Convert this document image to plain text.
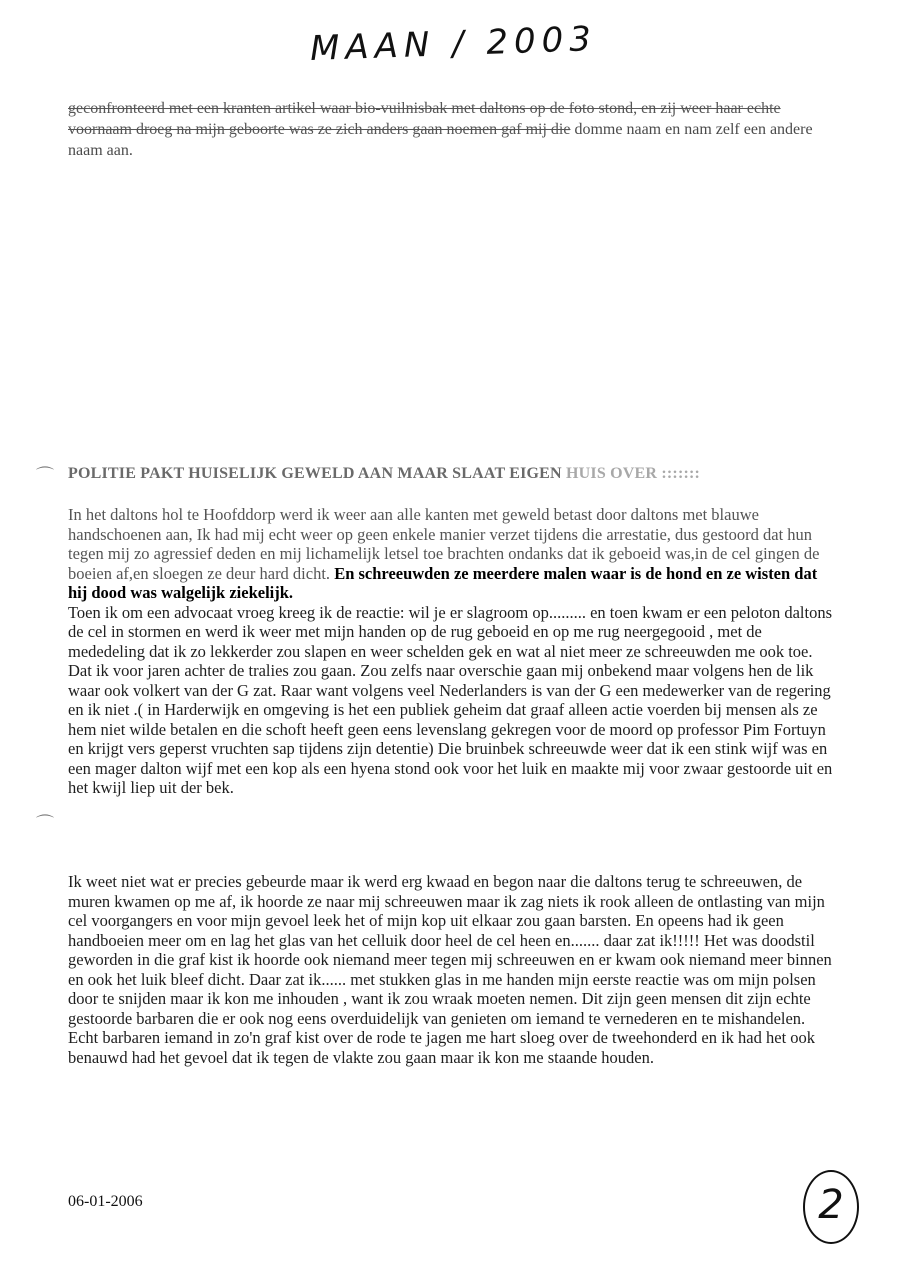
MAAN / 2003
geconfronteerd met een kranten artikel waar bio-vuilnisbak met daltons op de foto stond, en zij weer haar echte voornaam droeg na mijn geboorte was ze zich anders gaan noemen gaf mij die domme naam en nam zelf een andere naam aan.
⌒ POLITIE PAKT HUISELIJK GEWELD AAN MAAR SLAAT EIGEN HUIS OVER :::::::
In het daltons hol te Hoofddorp werd ik weer aan alle kanten met geweld betast door daltons met blauwe handschoenen aan, Ik had mij echt weer op geen enkele manier verzet tijdens die arrestatie, dus gestoord dat hun tegen mij zo agressief deden en mij lichamelijk letsel toe brachten ondanks dat ik geboeid was,in de cel gingen de boeien af,en sloegen ze deur hard dicht. En schreeuwden ze meerdere malen waar is de hond en ze wisten dat hij dood was walgelijk ziekelijk.
Toen ik om een advocaat vroeg kreeg ik de reactie: wil je er slagroom op......... en toen kwam er een peloton daltons de cel in stormen en werd ik weer met mijn handen op de rug geboeid en op me rug neergegooid , met de mededeling dat ik zo lekkerder zou slapen en weer schelden gek en wat al niet meer ze schreeuwden me ook toe. Dat ik voor jaren achter de tralies zou gaan. Zou zelfs naar overschie gaan mij onbekend maar volgens hen de lik waar ook volkert van der G zat. Raar want volgens veel Nederlanders is van der G een medewerker van de regering en ik niet .( in Harderwijk en omgeving is het een publiek geheim dat graaf alleen actie voerden bij mensen als ze hem niet wilde betalen en die schoft heeft geen eens levenslang gekregen voor de moord op professor Pim Fortuyn en krijgt vers geperst vruchten sap tijdens zijn detentie) Die bruinbek schreeuwde weer dat ik een stink wijf was en een mager dalton wijf met een kop als een hyena stond ook voor het luik en maakte mij voor zwaar gestoorde uit en het kwijl liep uit der bek.
⌒
Ik weet niet wat er precies gebeurde maar ik werd erg kwaad en begon naar die daltons terug te schreeuwen, de muren kwamen op me af, ik hoorde ze naar mij schreeuwen maar ik zag niets ik rook alleen de ontlasting van mijn cel voorgangers en voor mijn gevoel leek het of mijn kop uit elkaar zou gaan barsten. En opeens had ik geen handboeien meer om en lag het glas van het celluik door heel de cel heen en....... daar zat ik!!!!! Het was doodstil geworden in die graf kist ik hoorde ook niemand meer tegen mij schreeuwen en er kwam ook niemand meer binnen en ook het luik bleef dicht. Daar zat ik...... met stukken glas in me handen mijn eerste reactie was om mijn polsen door te snijden maar ik kon me inhouden , want ik zou wraak moeten nemen. Dit zijn geen mensen dit zijn echte gestoorde barbaren die er ook nog eens overduidelijk van genieten om iemand te vernederen en te mishandelen. Echt barbaren iemand in zo'n graf kist over de rode te jagen me hart sloeg over de tweehonderd en ik had het ook benauwd had het gevoel dat ik tegen de vlakte zou gaan maar ik kon me staande houden.
06-01-2006	2
